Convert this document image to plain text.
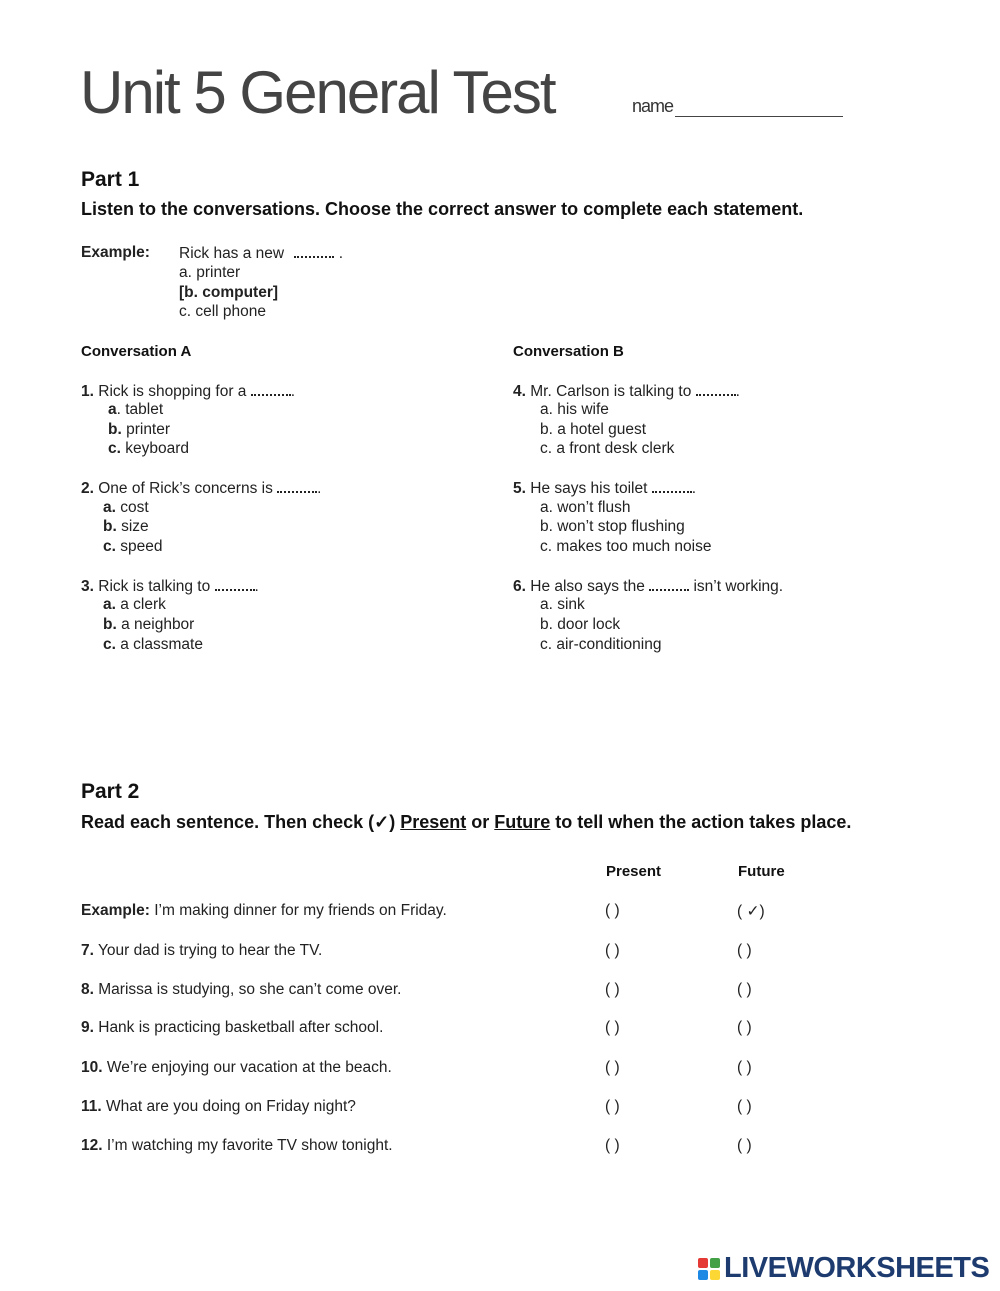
Unit 5 General Test	name
Part 1
Listen to the conversations. Choose the correct answer to complete each statement.
Example: Rick has a new	.
a. printer
[b. computer]
c. cell phone
Conversation A
1. Rick is shopping for a	.
a. tablet
b. printer
c. keyboard
2. One of Rick’s concerns is	.
a. cost
b. size
c. speed
3. Rick is talking to	.
a. a clerk
b. a neighbor
c. a classmate
Conversation B
4. Mr. Carlson is talking to	.
a. his wife
b. a hotel guest
c. a front desk clerk
5. He says his toilet	.
a. won’t flush
b. won’t stop flushing
c. makes too much noise
6. He also says the	isn’t working.
a. sink
b. door lock
c. air-conditioning
Part 2
Read each sentence. Then check (✓) Present or Future to tell when the action takes place.
Present	Future
Example: I’m making dinner for my friends on Friday.	( )	( ✓)
7. Your dad is trying to hear the TV.	( )	( )
8. Marissa is studying, so she can’t come over.	( )	( )
9. Hank is practicing basketball after school.	( )	( )
10. We’re enjoying our vacation at the beach.	( )	( )
11. What are you doing on Friday night?	( )	( )
12. I’m watching my favorite TV show tonight.	( )	( )
LIVEWORKSHEETS
